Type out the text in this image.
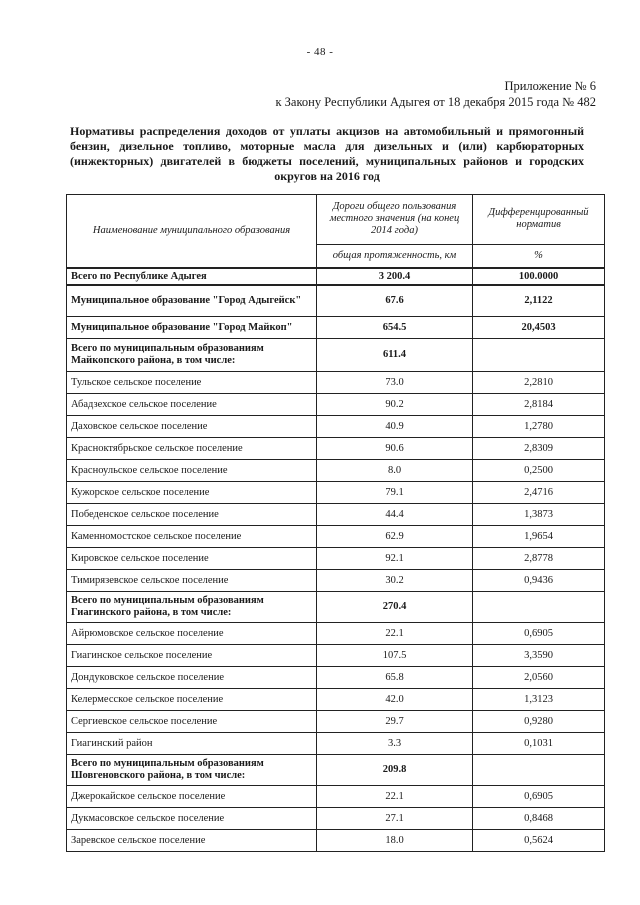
- 48 -
Приложение № 6
к Закону Республики Адыгея от 18 декабря 2015 года № 482
Нормативы распределения доходов от уплаты акцизов на автомобильный и прямогонный бензин, дизельное топливо, моторные масла для дизельных и (или) карбюраторных (инжекторных) двигателей в бюджеты поселений, муниципальных районов и городских округов на 2016 год
Наименование муниципального образования	Дороги общего пользования местного значения (на конец 2014 года)	Дифференцированный норматив
	общая протяженность, км	%
Всего по Республике Адыгея	3 200.4	100.0000
Муниципальное образование "Город Адыгейск"	67.6	2,1122
Муниципальное образование "Город Майкоп"	654.5	20,4503
Всего по муниципальным образованиям Майкопского района, в том числе:	611.4	
Тульское сельское поселение	73.0	2,2810
Абадзехское сельское поселение	90.2	2,8184
Даховское сельское поселение	40.9	1,2780
Красноктябрьское сельское поселение	90.6	2,8309
Красноульское сельское поселение	8.0	0,2500
Кужорское сельское поселение	79.1	2,4716
Победенское сельское поселение	44.4	1,3873
Каменномостское сельское поселение	62.9	1,9654
Кировское сельское поселение	92.1	2,8778
Тимирязевское сельское поселение	30.2	0,9436
Всего по муниципальным образованиям Гиагинского района, в том числе:	270.4	
Айрюмовское сельское поселение	22.1	0,6905
Гиагинское сельское поселение	107.5	3,3590
Дондуковское сельское поселение	65.8	2,0560
Келермесское сельское поселение	42.0	1,3123
Сергиевское сельское поселение	29.7	0,9280
Гиагинский район	3.3	0,1031
Всего по муниципальным образованиям Шовгеновского района, в том числе:	209.8	
Джерокайское сельское поселение	22.1	0,6905
Дукмасовское сельское поселение	27.1	0,8468
Заревское сельское поселение	18.0	0,5624
